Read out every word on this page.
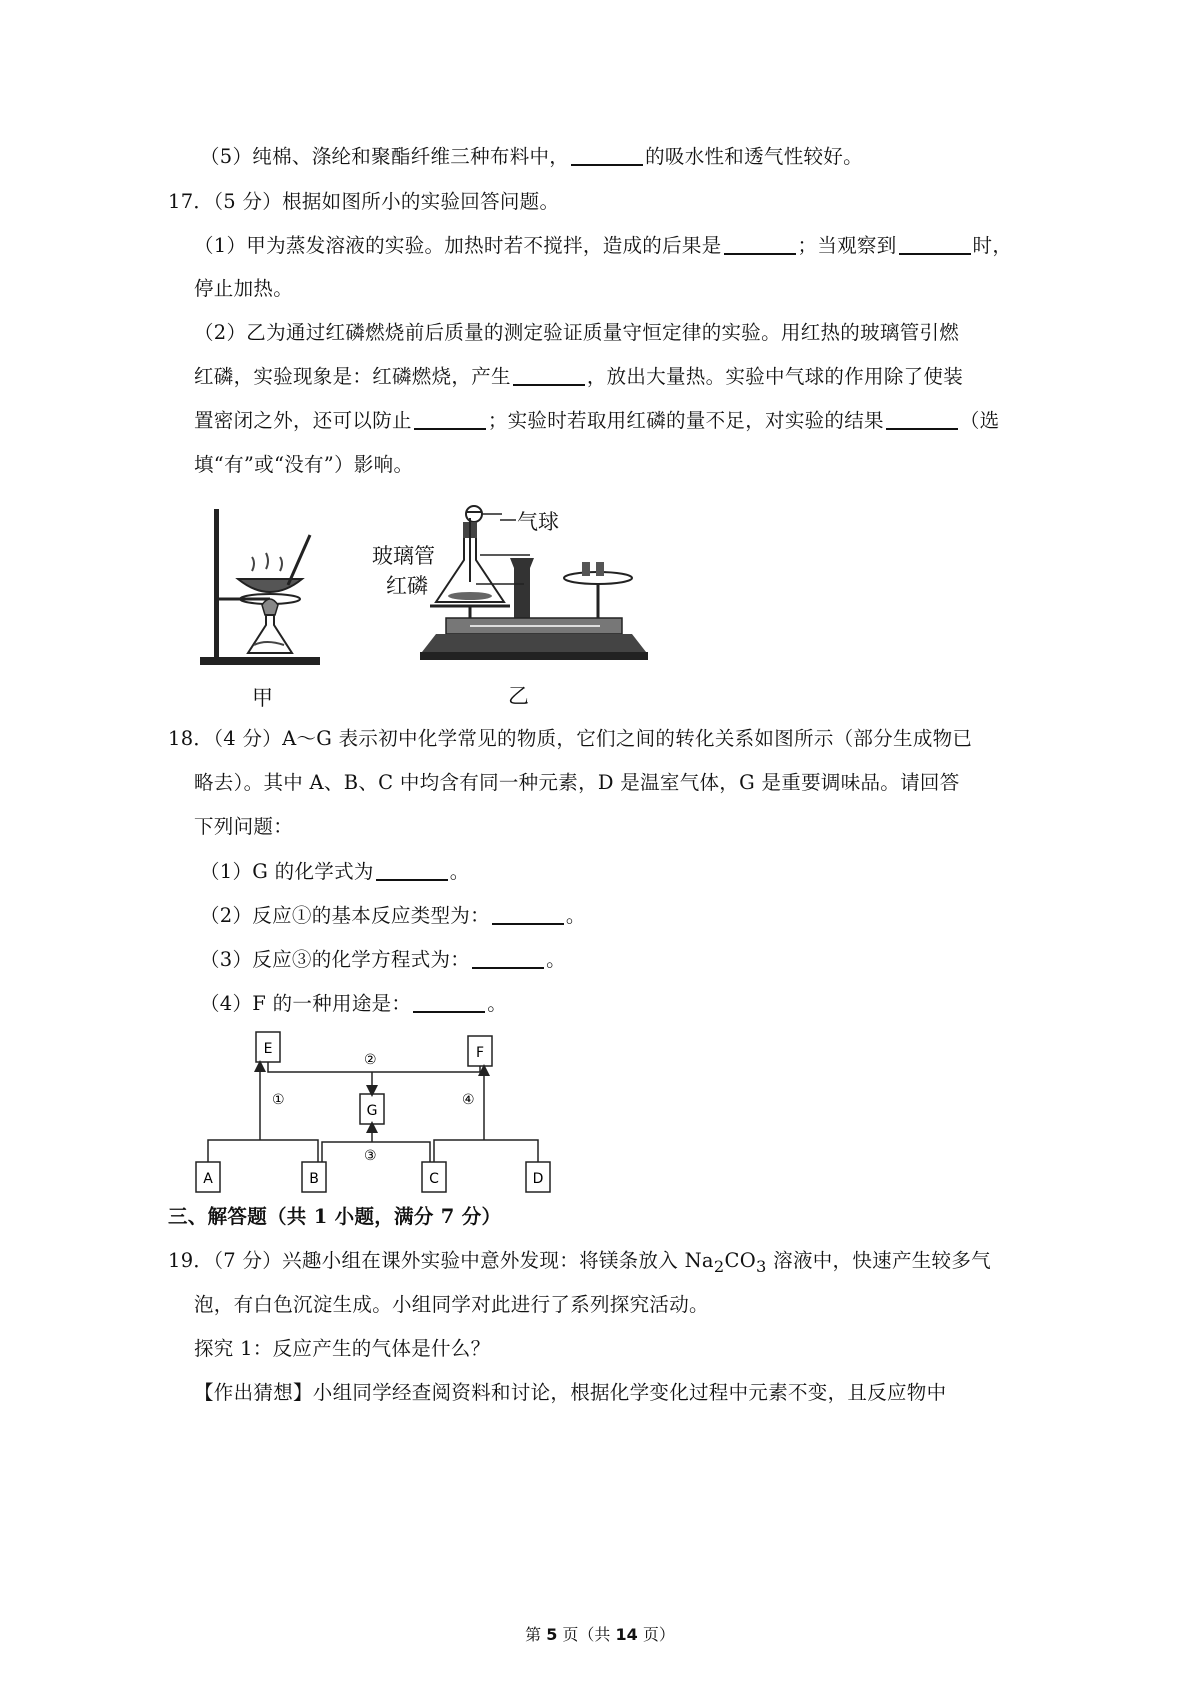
（5）纯棉、涤纶和聚酯纤维三种布料中，	的吸水性和透气性较好。
17．（5 分）根据如图所小的实验回答问题。
（1）甲为蒸发溶液的实验。加热时若不搅拌，造成的后果是	；当观察到	时，
停止加热。
（2）乙为通过红磷燃烧前后质量的测定验证质量守恒定律的实验。用红热的玻璃管引燃
红磷，实验现象是：红磷燃烧，产生	，放出大量热。实验中气球的作用除了使装
置密闭之外，还可以防止	；实验时若取用红磷的量不足，对实验的结果	（选
填“有”或“没有”）影响。
甲
气球
玻璃管
红磷
乙
18．（4 分）A～G 表示初中化学常见的物质，它们之间的转化关系如图所示（部分生成物已
略去）。其中 A、B、C 中均含有同一种元素，D 是温室气体，G 是重要调味品。请回答
下列问题：
（1）G 的化学式为	。
（2）反应①的基本反应类型为：	。
（3）反应③的化学方程式为：	。
（4）F 的一种用途是：	。
E	F
G
A	B	C	D
①
②
③
④
三、解答题（共 1 小题，满分 7 分）
19．（7 分）兴趣小组在课外实验中意外发现：将镁条放入 $Na_2CO_3$ 溶液中，快速产生较多气
泡，有白色沉淀生成。小组同学对此进行了系列探究活动。
探究 1：反应产生的气体是什么？
【作出猜想】小组同学经查阅资料和讨论，根据化学变化过程中元素不变，且反应物中
第 5 页（共 14 页）
